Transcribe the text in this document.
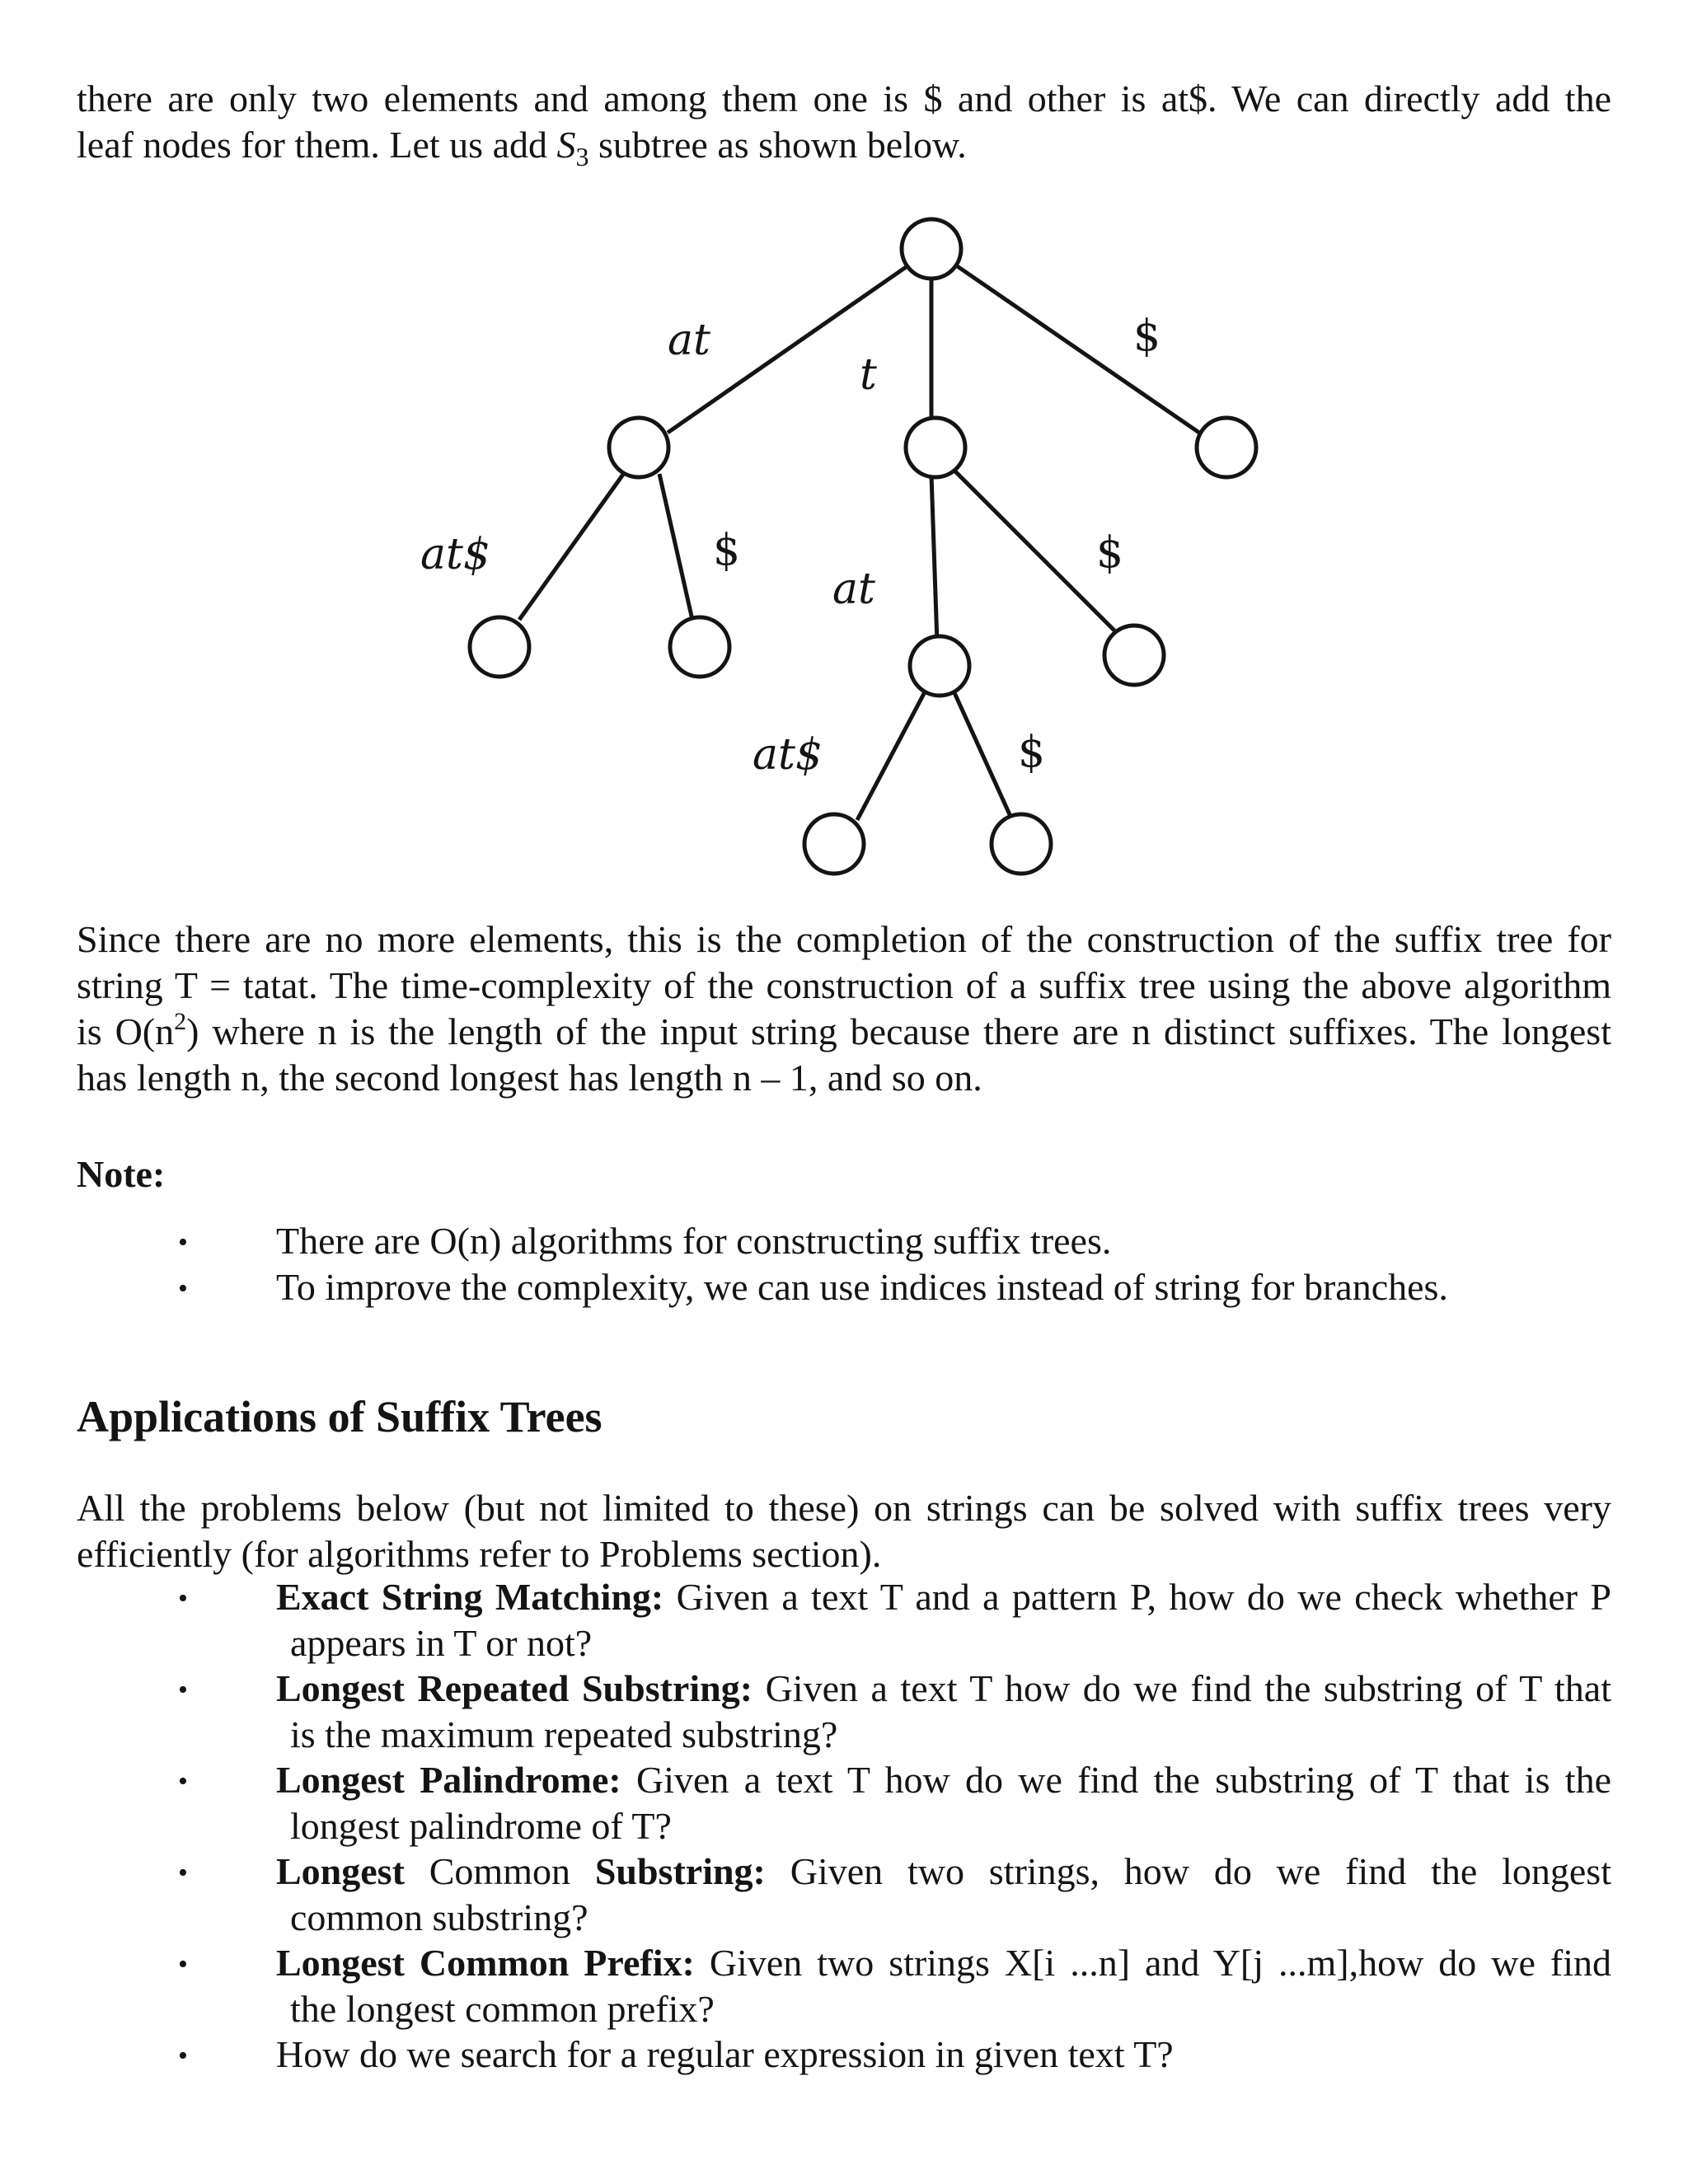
there are only two elements and among them one is $ and other is at$. We can directly add the
leaf nodes for them. Let us add $S_3$ subtree as shown below.
at
t
$
at$	$
at
$
at$	$
Since there are no more elements, this is the completion of the construction of the suffix tree for
string T = tatat. The time-complexity of the construction of a suffix tree using the above algorithm
is $O(n^2)$ where n is the length of the input string because there are n distinct suffixes. The longest
has length n, the second longest has length n – 1, and so on.
Note:
• There are O(n) algorithms for constructing suffix trees.
• To improve the complexity, we can use indices instead of string for branches.
Applications of Suffix Trees
All the problems below (but not limited to these) on strings can be solved with suffix trees very
efficiently (for algorithms refer to Problems section).
• Exact String Matching: Given a text T and a pattern P, how do we check whether P
appears in T or not?
• Longest Repeated Substring: Given a text T how do we find the substring of T that
is the maximum repeated substring?
• Longest Palindrome: Given a text T how do we find the substring of T that is the
longest palindrome of T?
• Longest Common Substring: Given two strings, how do we find the longest
common substring?
• Longest Common Prefix: Given two strings X[i ...n] and Y[j ...m],how do we find
the longest common prefix?
• How do we search for a regular expression in given text T?
